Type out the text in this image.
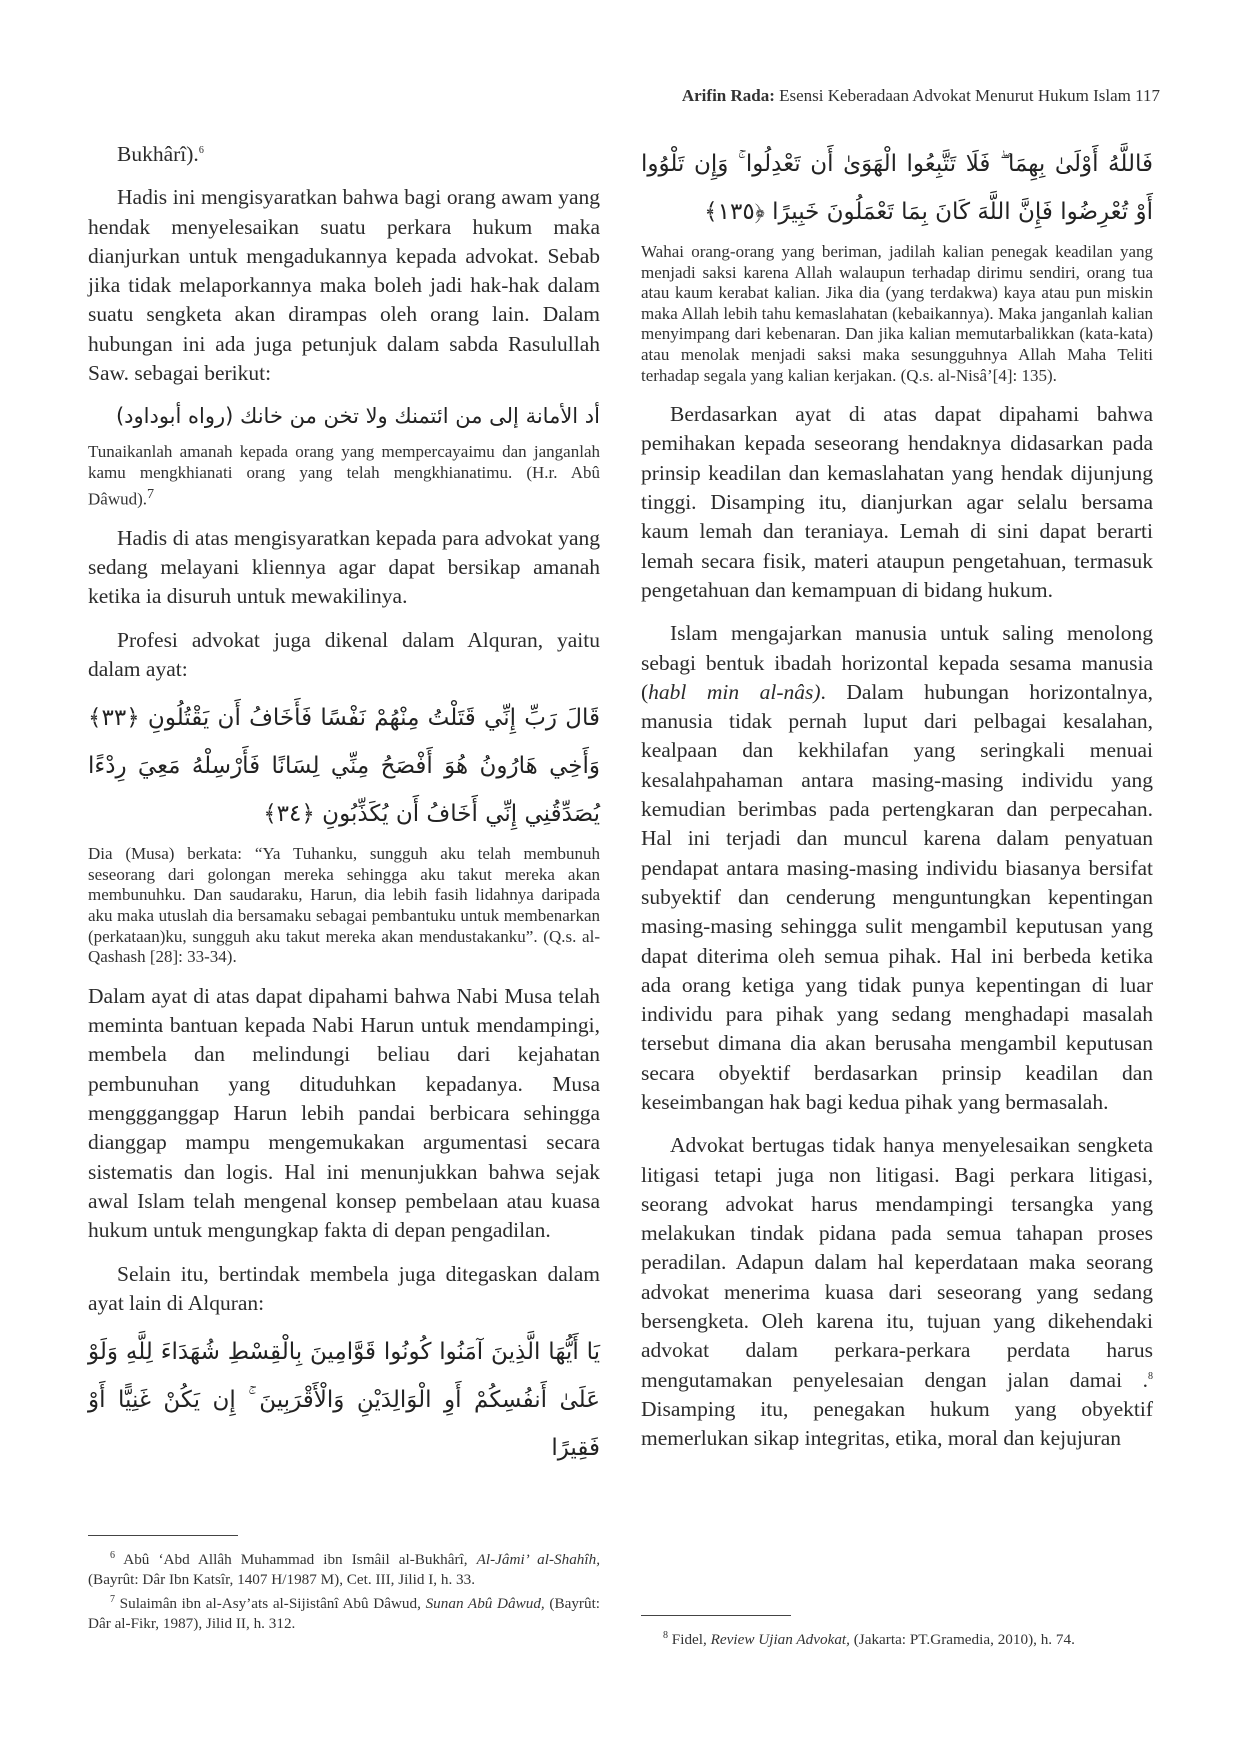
Arifin Rada: Esensi Keberadaan Advokat Menurut Hukum Islam 117

Bukhârî).$^6$

Hadis ini mengisyaratkan bahwa bagi orang awam yang hendak menyelesaikan suatu perkara hukum maka dianjurkan untuk mengadukannya kepada advokat. Sebab jika tidak melaporkannya maka boleh jadi hak-hak dalam suatu sengketa akan dirampas oleh orang lain. Dalam hubungan ini ada juga petunjuk dalam sabda Rasulullah Saw. sebagai berikut:

أد الأمانة إلى من ائتمنك ولا تخن من خانك (رواه أبوداود)

Tunaikanlah amanah kepada orang yang mempercayaimu dan janganlah kamu mengkhianati orang yang telah mengkhianatimu. (H.r. Abû Dâwud).$^7$

Hadis di atas mengisyaratkan kepada para advokat yang sedang melayani kliennya agar dapat bersikap amanah ketika ia disuruh untuk mewakilinya.

Profesi advokat juga dikenal dalam Alquran, yaitu dalam ayat:

قَالَ رَبِّ إِنِّي قَتَلْتُ مِنْهُمْ نَفْسًا فَأَخَافُ أَن يَقْتُلُونِ ﴿٣٣﴾ وَأَخِي هَارُونُ هُوَ أَفْصَحُ مِنِّي لِسَانًا فَأَرْسِلْهُ مَعِيَ رِدْءًا يُصَدِّقُنِي إِنِّي أَخَافُ أَن يُكَذِّبُونِ ﴿٣٤﴾

Dia (Musa) berkata: “Ya Tuhanku, sungguh aku telah membunuh seseorang dari golongan mereka sehingga aku takut mereka akan membunuhku. Dan saudaraku, Harun, dia lebih fasih lidahnya daripada aku maka utuslah dia bersamaku sebagai pembantuku untuk membenarkan (perkataan)ku, sungguh aku takut mereka akan mendustakanku”. (Q.s. al-Qashash [28]: 33-34).

Dalam ayat di atas dapat dipahami bahwa Nabi Musa telah meminta bantuan kepada Nabi Harun untuk mendampingi, membela dan melindungi beliau dari kejahatan pembunuhan yang dituduhkan kepadanya. Musa menggganggap Harun lebih pandai berbicara sehingga dianggap mampu mengemukakan argumentasi secara sistematis dan logis. Hal ini menunjukkan bahwa sejak awal Islam telah mengenal konsep pembelaan atau kuasa hukum untuk mengungkap fakta di depan pengadilan.

Selain itu, bertindak membela juga ditegaskan dalam ayat lain di Alquran:

يَا أَيُّهَا الَّذِينَ آمَنُوا كُونُوا قَوَّامِينَ بِالْقِسْطِ شُهَدَاءَ لِلَّهِ وَلَوْ عَلَىٰ أَنفُسِكُمْ أَوِ الْوَالِدَيْنِ وَالْأَقْرَبِينَ ۚ إِن يَكُنْ غَنِيًّا أَوْ فَقِيرًا

$^6$ Abû ‘Abd Allâh Muhammad ibn Ismâil al-Bukhârî, Al-Jâmi’ al-Shahîh, (Bayrût: Dâr Ibn Katsîr, 1407 H/1987 M), Cet. III, Jilid I, h. 33.

$^7$ Sulaimân ibn al-Asy’ats al-Sijistânî Abû Dâwud, Sunan Abû Dâwud, (Bayrût: Dâr al-Fikr, 1987), Jilid II, h. 312.

فَاللَّهُ أَوْلَىٰ بِهِمَا ۖ فَلَا تَتَّبِعُوا الْهَوَىٰ أَن تَعْدِلُوا ۚ وَإِن تَلْوُوا أَوْ تُعْرِضُوا فَإِنَّ اللَّهَ كَانَ بِمَا تَعْمَلُونَ خَبِيرًا ﴿١٣٥﴾

Wahai orang-orang yang beriman, jadilah kalian penegak keadilan yang menjadi saksi karena Allah walaupun terhadap dirimu sendiri, orang tua atau kaum kerabat kalian. Jika dia (yang terdakwa) kaya atau pun miskin maka Allah lebih tahu kemaslahatan (kebaikannya). Maka janganlah kalian menyimpang dari kebenaran. Dan jika kalian memutarbalikkan (kata-kata) atau menolak menjadi saksi maka sesungguhnya Allah Maha Teliti terhadap segala yang kalian kerjakan. (Q.s. al-Nisâ’[4]: 135).

Berdasarkan ayat di atas dapat dipahami bahwa pemihakan kepada seseorang hendaknya didasarkan pada prinsip keadilan dan kemaslahatan yang hendak dijunjung tinggi. Disamping itu, dianjurkan agar selalu bersama kaum lemah dan teraniaya. Lemah di sini dapat berarti lemah secara fisik, materi ataupun pengetahuan, termasuk pengetahuan dan kemampuan di bidang hukum.

Islam mengajarkan manusia untuk saling menolong sebagi bentuk ibadah horizontal kepada sesama manusia (habl min al-nâs). Dalam hubungan horizontalnya, manusia tidak pernah luput dari pelbagai kesalahan, kealpaan dan kekhilafan yang seringkali menuai kesalahpahaman antara masing-masing individu yang kemudian berimbas pada pertengkaran dan perpecahan. Hal ini terjadi dan muncul karena dalam penyatuan pendapat antara masing-masing individu biasanya bersifat subyektif dan cenderung menguntungkan kepentingan masing-masing sehingga sulit mengambil keputusan yang dapat diterima oleh semua pihak. Hal ini berbeda ketika ada orang ketiga yang tidak punya kepentingan di luar individu para pihak yang sedang menghadapi masalah tersebut dimana dia akan berusaha mengambil keputusan secara obyektif berdasarkan prinsip keadilan dan keseimbangan hak bagi kedua pihak yang bermasalah.

Advokat bertugas tidak hanya menyelesaikan sengketa litigasi tetapi juga non litigasi. Bagi perkara litigasi, seorang advokat harus mendampingi tersangka yang melakukan tindak pidana pada semua tahapan proses peradilan. Adapun dalam hal keperdataan maka seorang advokat menerima kuasa dari seseorang yang sedang bersengketa. Oleh karena itu, tujuan yang dikehendaki advokat dalam perkara-perkara perdata harus mengutamakan penyelesaian dengan jalan damai .$^8$ Disamping itu, penegakan hukum yang obyektif memerlukan sikap integritas, etika, moral dan kejujuran

$^8$ Fidel, Review Ujian Advokat, (Jakarta: PT.Gramedia, 2010), h. 74.
